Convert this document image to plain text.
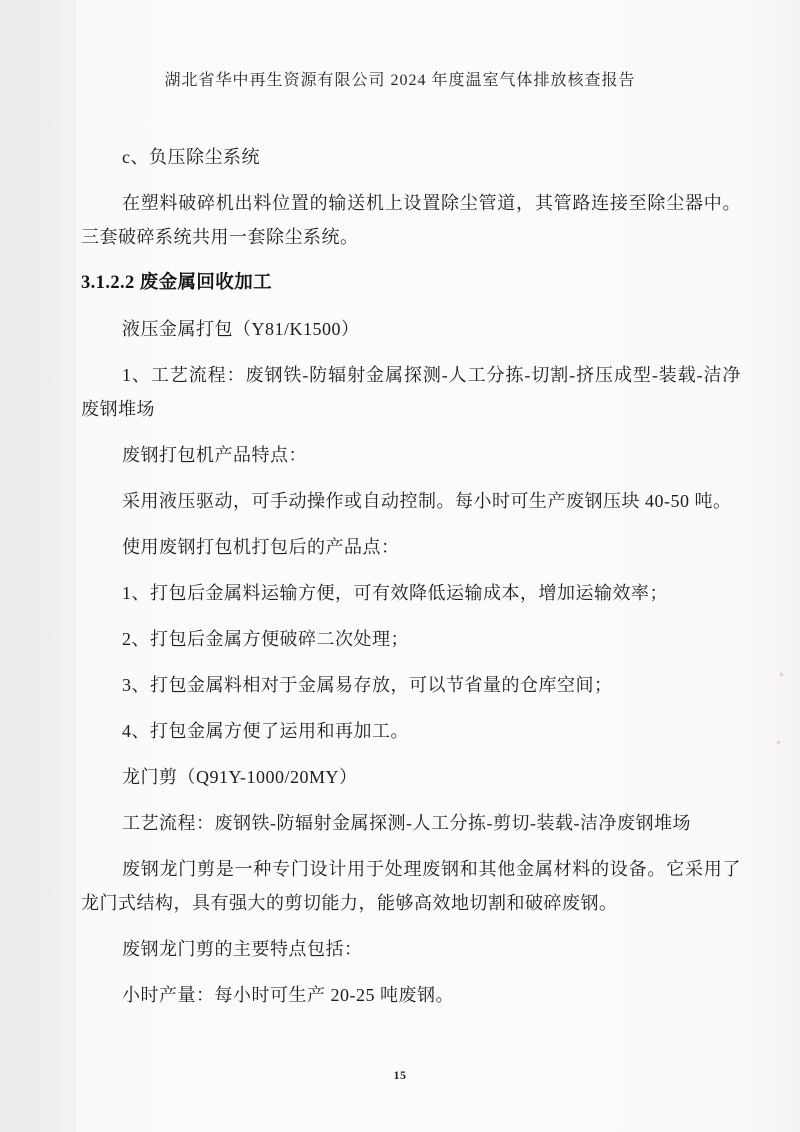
湖北省华中再生资源有限公司 2024 年度温室气体排放核查报告

c、负压除尘系统

在塑料破碎机出料位置的输送机上设置除尘管道，其管路连接至除尘器中。三套破碎系统共用一套除尘系统。

3.1.2.2 废金属回收加工

液压金属打包（Y81/K1500）

1、工艺流程：废钢铁-防辐射金属探测-人工分拣-切割-挤压成型-装载-洁净废钢堆场

废钢打包机产品特点：

采用液压驱动，可手动操作或自动控制。每小时可生产废钢压块 40-50 吨。

使用废钢打包机打包后的产品点：

1、打包后金属料运输方便，可有效降低运输成本，增加运输效率；

2、打包后金属方便破碎二次处理；

3、打包金属料相对于金属易存放，可以节省量的仓库空间；

4、打包金属方便了运用和再加工。

龙门剪（Q91Y-1000/20MY）

工艺流程：废钢铁-防辐射金属探测-人工分拣-剪切-装载-洁净废钢堆场

废钢龙门剪是一种专门设计用于处理废钢和其他金属材料的设备。它采用了龙门式结构，具有强大的剪切能力，能够高效地切割和破碎废钢。

废钢龙门剪的主要特点包括：

小时产量：每小时可生产 20-25 吨废钢。

15
